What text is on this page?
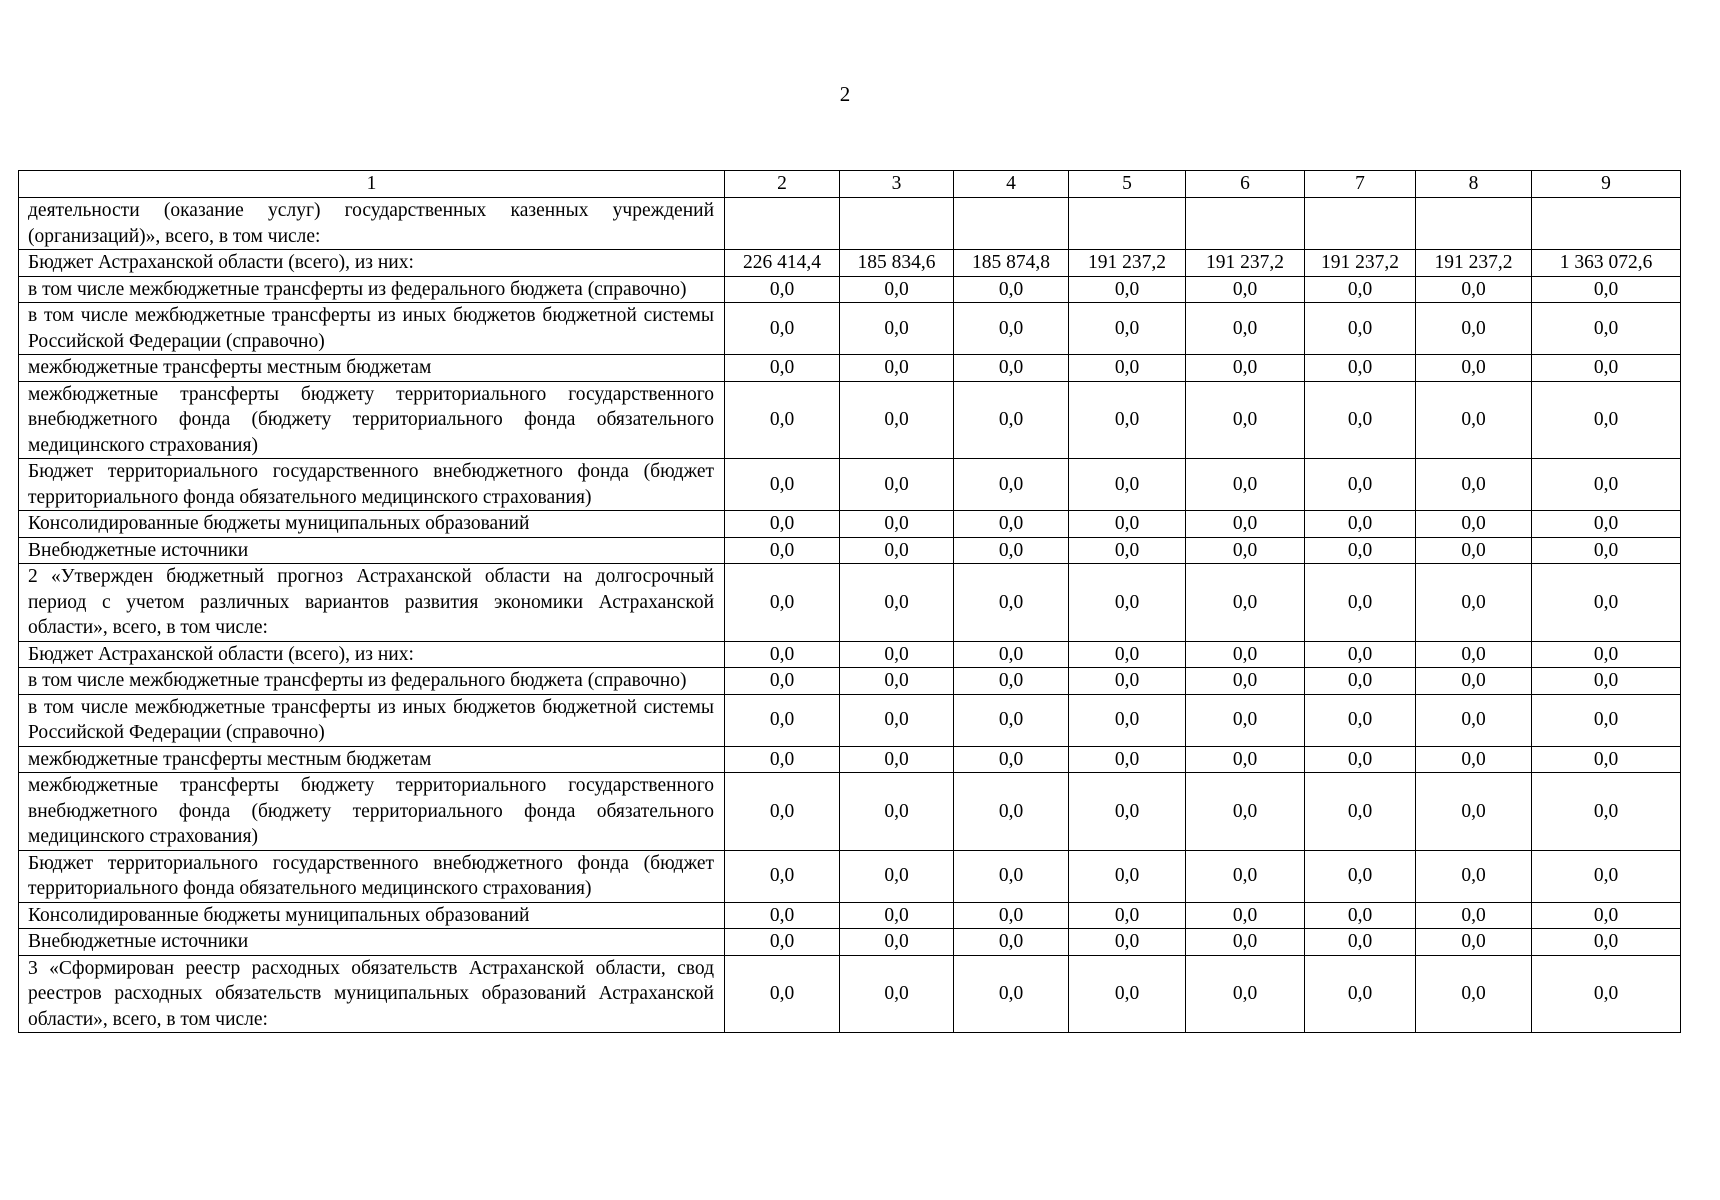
2
1	2	3	4	5	6	7	8	9
деятельности (оказание услуг) государственных казенных учреждений (организаций)», всего, в том числе:								
Бюджет Астраханской области (всего), из них:	226 414,4	185 834,6	185 874,8	191 237,2	191 237,2	191 237,2	191 237,2	1 363 072,6
в том числе межбюджетные трансферты из федерального бюджета (справочно)	0,0	0,0	0,0	0,0	0,0	0,0	0,0	0,0
в том числе межбюджетные трансферты из иных бюджетов бюджетной системы Российской Федерации (справочно)	0,0	0,0	0,0	0,0	0,0	0,0	0,0	0,0
межбюджетные трансферты местным бюджетам	0,0	0,0	0,0	0,0	0,0	0,0	0,0	0,0
межбюджетные трансферты бюджету территориального государственного внебюджетного фонда (бюджету территориального фонда обязательного медицинского страхования)	0,0	0,0	0,0	0,0	0,0	0,0	0,0	0,0
Бюджет территориального государственного внебюджетного фонда (бюджет территориального фонда обязательного медицинского страхования)	0,0	0,0	0,0	0,0	0,0	0,0	0,0	0,0
Консолидированные бюджеты муниципальных образований	0,0	0,0	0,0	0,0	0,0	0,0	0,0	0,0
Внебюджетные источники	0,0	0,0	0,0	0,0	0,0	0,0	0,0	0,0
2 «Утвержден бюджетный прогноз Астраханской области на долгосрочный период с учетом различных вариантов развития экономики Астраханской области», всего, в том числе:	0,0	0,0	0,0	0,0	0,0	0,0	0,0	0,0
Бюджет Астраханской области (всего), из них:	0,0	0,0	0,0	0,0	0,0	0,0	0,0	0,0
в том числе межбюджетные трансферты из федерального бюджета (справочно)	0,0	0,0	0,0	0,0	0,0	0,0	0,0	0,0
в том числе межбюджетные трансферты из иных бюджетов бюджетной системы Российской Федерации (справочно)	0,0	0,0	0,0	0,0	0,0	0,0	0,0	0,0
межбюджетные трансферты местным бюджетам	0,0	0,0	0,0	0,0	0,0	0,0	0,0	0,0
межбюджетные трансферты бюджету территориального государственного внебюджетного фонда (бюджету территориального фонда обязательного медицинского страхования)	0,0	0,0	0,0	0,0	0,0	0,0	0,0	0,0
Бюджет территориального государственного внебюджетного фонда (бюджет территориального фонда обязательного медицинского страхования)	0,0	0,0	0,0	0,0	0,0	0,0	0,0	0,0
Консолидированные бюджеты муниципальных образований	0,0	0,0	0,0	0,0	0,0	0,0	0,0	0,0
Внебюджетные источники	0,0	0,0	0,0	0,0	0,0	0,0	0,0	0,0
3 «Сформирован реестр расходных обязательств Астраханской области, свод реестров расходных обязательств муниципальных образований Астраханской области», всего, в том числе:	0,0	0,0	0,0	0,0	0,0	0,0	0,0	0,0
